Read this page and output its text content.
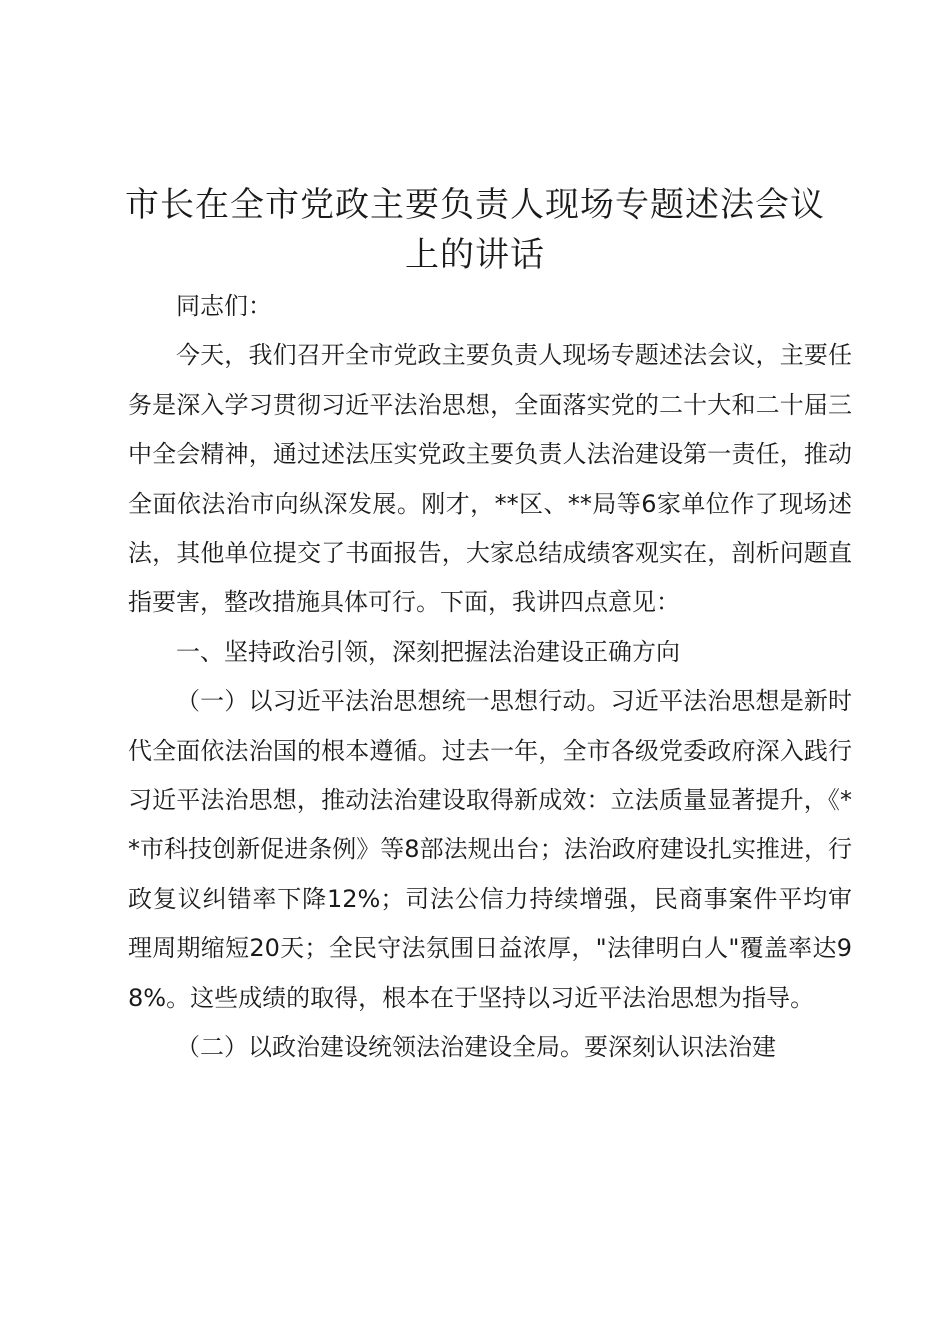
市长在全市党政主要负责人现场专题述法会议
上的讲话

同志们：

今天，我们召开全市党政主要负责人现场专题述法会议，主要任务是深入学习贯彻习近平法治思想，全面落实党的二十大和二十届三中全会精神，通过述法压实党政主要负责人法治建设第一责任，推动全面依法治市向纵深发展。刚才，**区、**局等6家单位作了现场述法，其他单位提交了书面报告，大家总结成绩客观实在，剖析问题直指要害，整改措施具体可行。下面，我讲四点意见：

一、坚持政治引领，深刻把握法治建设正确方向

（一）以习近平法治思想统一思想行动。习近平法治思想是新时代全面依法治国的根本遵循。过去一年，全市各级党委政府深入践行习近平法治思想，推动法治建设取得新成效：立法质量显著提升，《**市科技创新促进条例》等8部法规出台；法治政府建设扎实推进，行政复议纠错率下降12%；司法公信力持续增强，民商事案件平均审理周期缩短20天；全民守法氛围日益浓厚，"法律明白人"覆盖率达98%。这些成绩的取得，根本在于坚持以习近平法治思想为指导。

（二）以政治建设统领法治建设全局。要深刻认识法治建
